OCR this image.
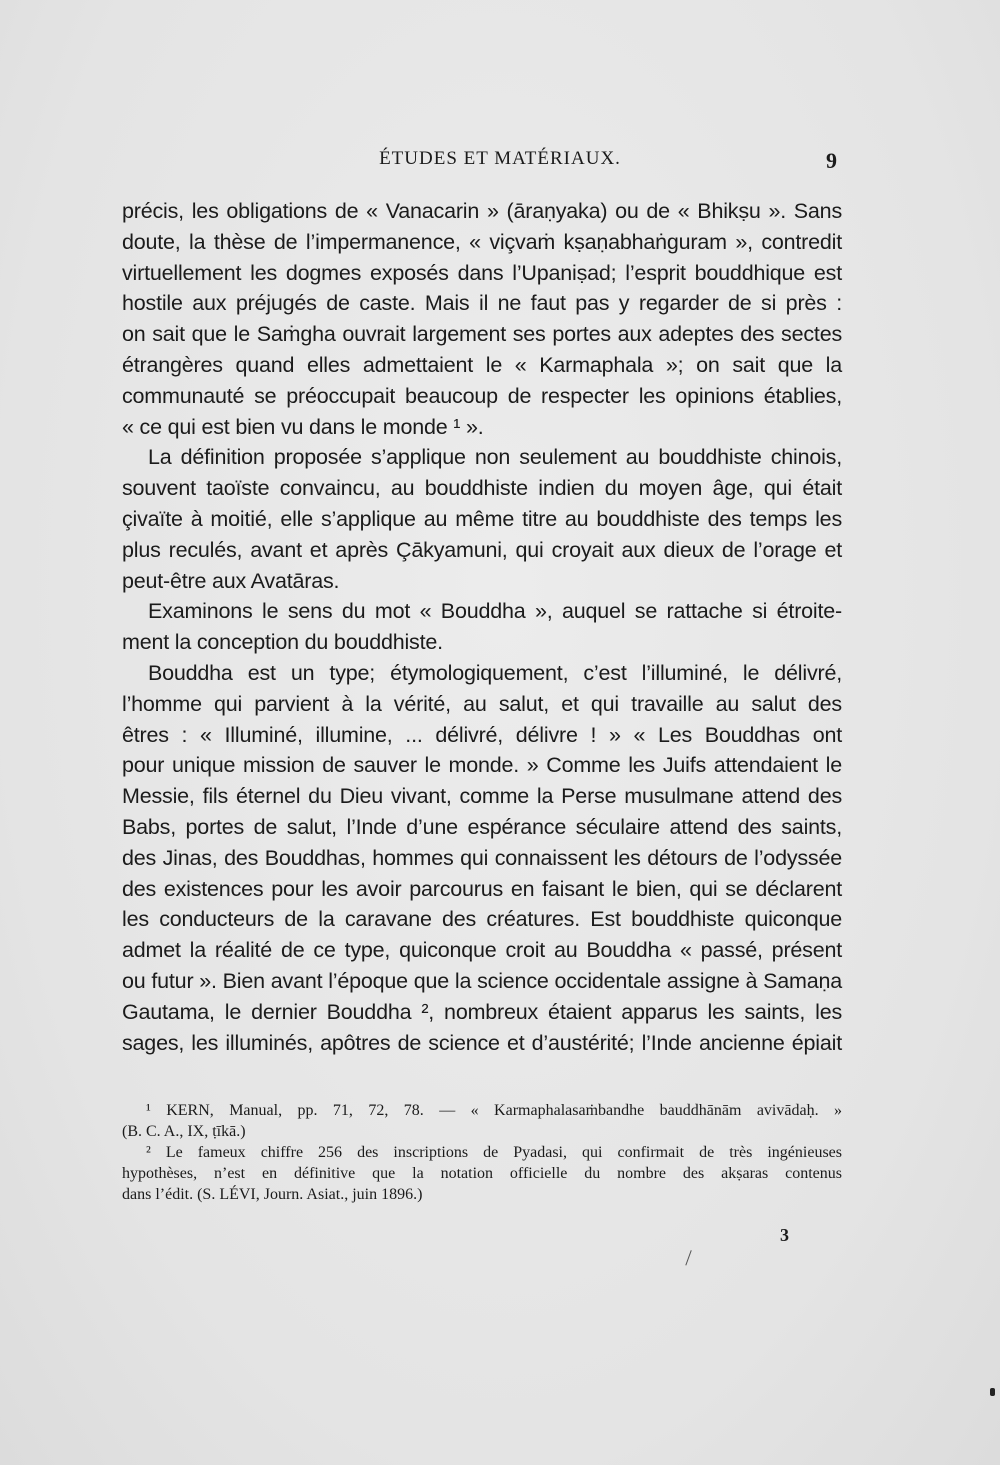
ÉTUDES ET MATÉRIAUX.	9
précis, les obligations de « Vanacarin » (āraṇyaka) ou de « Bhikṣu ». Sans
doute, la thèse de l’impermanence, « viçvaṁ kṣaṇabhaṅguram », contredit
virtuellement les dogmes exposés dans l’Upaniṣad; l’esprit bouddhique est
hostile aux préjugés de caste. Mais il ne faut pas y regarder de si près :
on sait que le Saṁgha ouvrait largement ses portes aux adeptes des sectes
étrangères quand elles admettaient le « Karmaphala »; on sait que la
communauté se préoccupait beaucoup de respecter les opinions établies,
« ce qui est bien vu dans le monde ¹ ».
La définition proposée s’applique non seulement au bouddhiste chinois,
souvent taoïste convaincu, au bouddhiste indien du moyen âge, qui était
çivaïte à moitié, elle s’applique au même titre au bouddhiste des temps les
plus reculés, avant et après Çākyamuni, qui croyait aux dieux de l’orage et
peut-être aux Avatāras.
Examinons le sens du mot « Bouddha », auquel se rattache si étroite-
ment la conception du bouddhiste.
Bouddha est un type; étymologiquement, c’est l’illuminé, le délivré,
l’homme qui parvient à la vérité, au salut, et qui travaille au salut des
êtres : « Illuminé, illumine, ... délivré, délivre ! » « Les Bouddhas ont
pour unique mission de sauver le monde. » Comme les Juifs attendaient le
Messie, fils éternel du Dieu vivant, comme la Perse musulmane attend des
Babs, portes de salut, l’Inde d’une espérance séculaire attend des saints,
des Jinas, des Bouddhas, hommes qui connaissent les détours de l’odyssée
des existences pour les avoir parcourus en faisant le bien, qui se déclarent
les conducteurs de la caravane des créatures. Est bouddhiste quiconque
admet la réalité de ce type, quiconque croit au Bouddha « passé, présent
ou futur ». Bien avant l’époque que la science occidentale assigne à Samaṇa
Gautama, le dernier Bouddha ², nombreux étaient apparus les saints, les
sages, les illuminés, apôtres de science et d’austérité; l’Inde ancienne épiait
¹ KERN, Manual, pp. 71, 72, 78. — « Karmaphalasaṁbandhe bauddhānām avivādaḥ. »
(B. C. A., IX, ṭīkā.)
² Le fameux chiffre 256 des inscriptions de Pyadasi, qui confirmait de très ingénieuses
hypothèses, n’est en définitive que la notation officielle du nombre des akṣaras contenus
dans l’édit. (S. LÉVI, Journ. Asiat., juin 1896.)
3
